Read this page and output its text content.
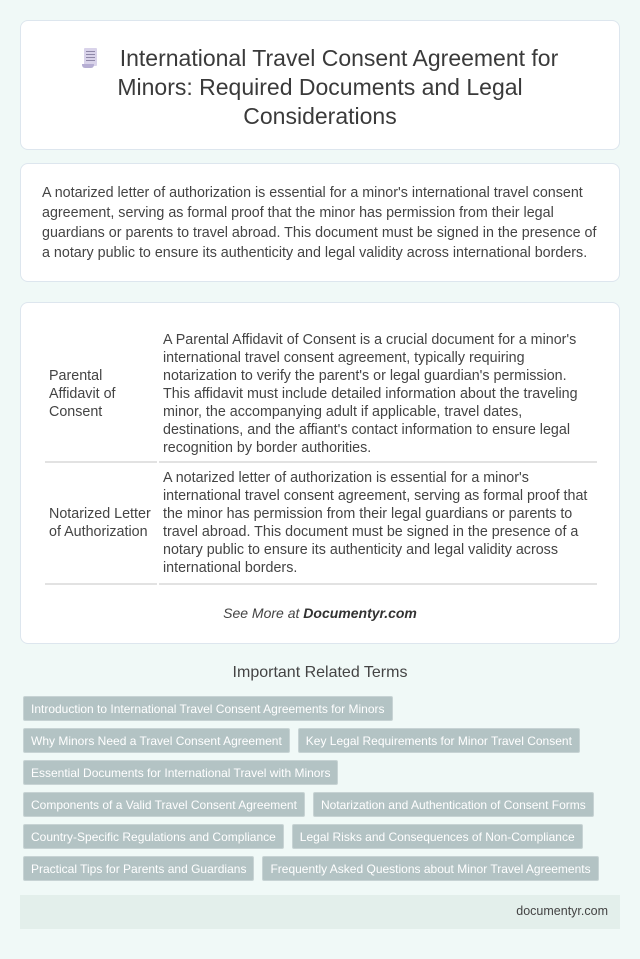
International Travel Consent Agreement for Minors: Required Documents and Legal Considerations

A notarized letter of authorization is essential for a minor's international travel consent agreement, serving as formal proof that the minor has permission from their legal guardians or parents to travel abroad. This document must be signed in the presence of a notary public to ensure its authenticity and legal validity across international borders.

Parental Affidavit of Consent	A Parental Affidavit of Consent is a crucial document for a minor's international travel consent agreement, typically requiring notarization to verify the parent's or legal guardian's permission. This affidavit must include detailed information about the traveling minor, the accompanying adult if applicable, travel dates, destinations, and the affiant's contact information to ensure legal recognition by border authorities.
Notarized Letter of Authorization	A notarized letter of authorization is essential for a minor's international travel consent agreement, serving as formal proof that the minor has permission from their legal guardians or parents to travel abroad. This document must be signed in the presence of a notary public to ensure its authenticity and legal validity across international borders.
See More at Documentyr.com
Important Related Terms
Introduction to International Travel Consent Agreements for Minors
Why Minors Need a Travel Consent Agreement	Key Legal Requirements for Minor Travel Consent
Essential Documents for International Travel with Minors
Components of a Valid Travel Consent Agreement	Notarization and Authentication of Consent Forms
Country-Specific Regulations and Compliance	Legal Risks and Consequences of Non-Compliance
Practical Tips for Parents and Guardians	Frequently Asked Questions about Minor Travel Agreements
documentyr.com
